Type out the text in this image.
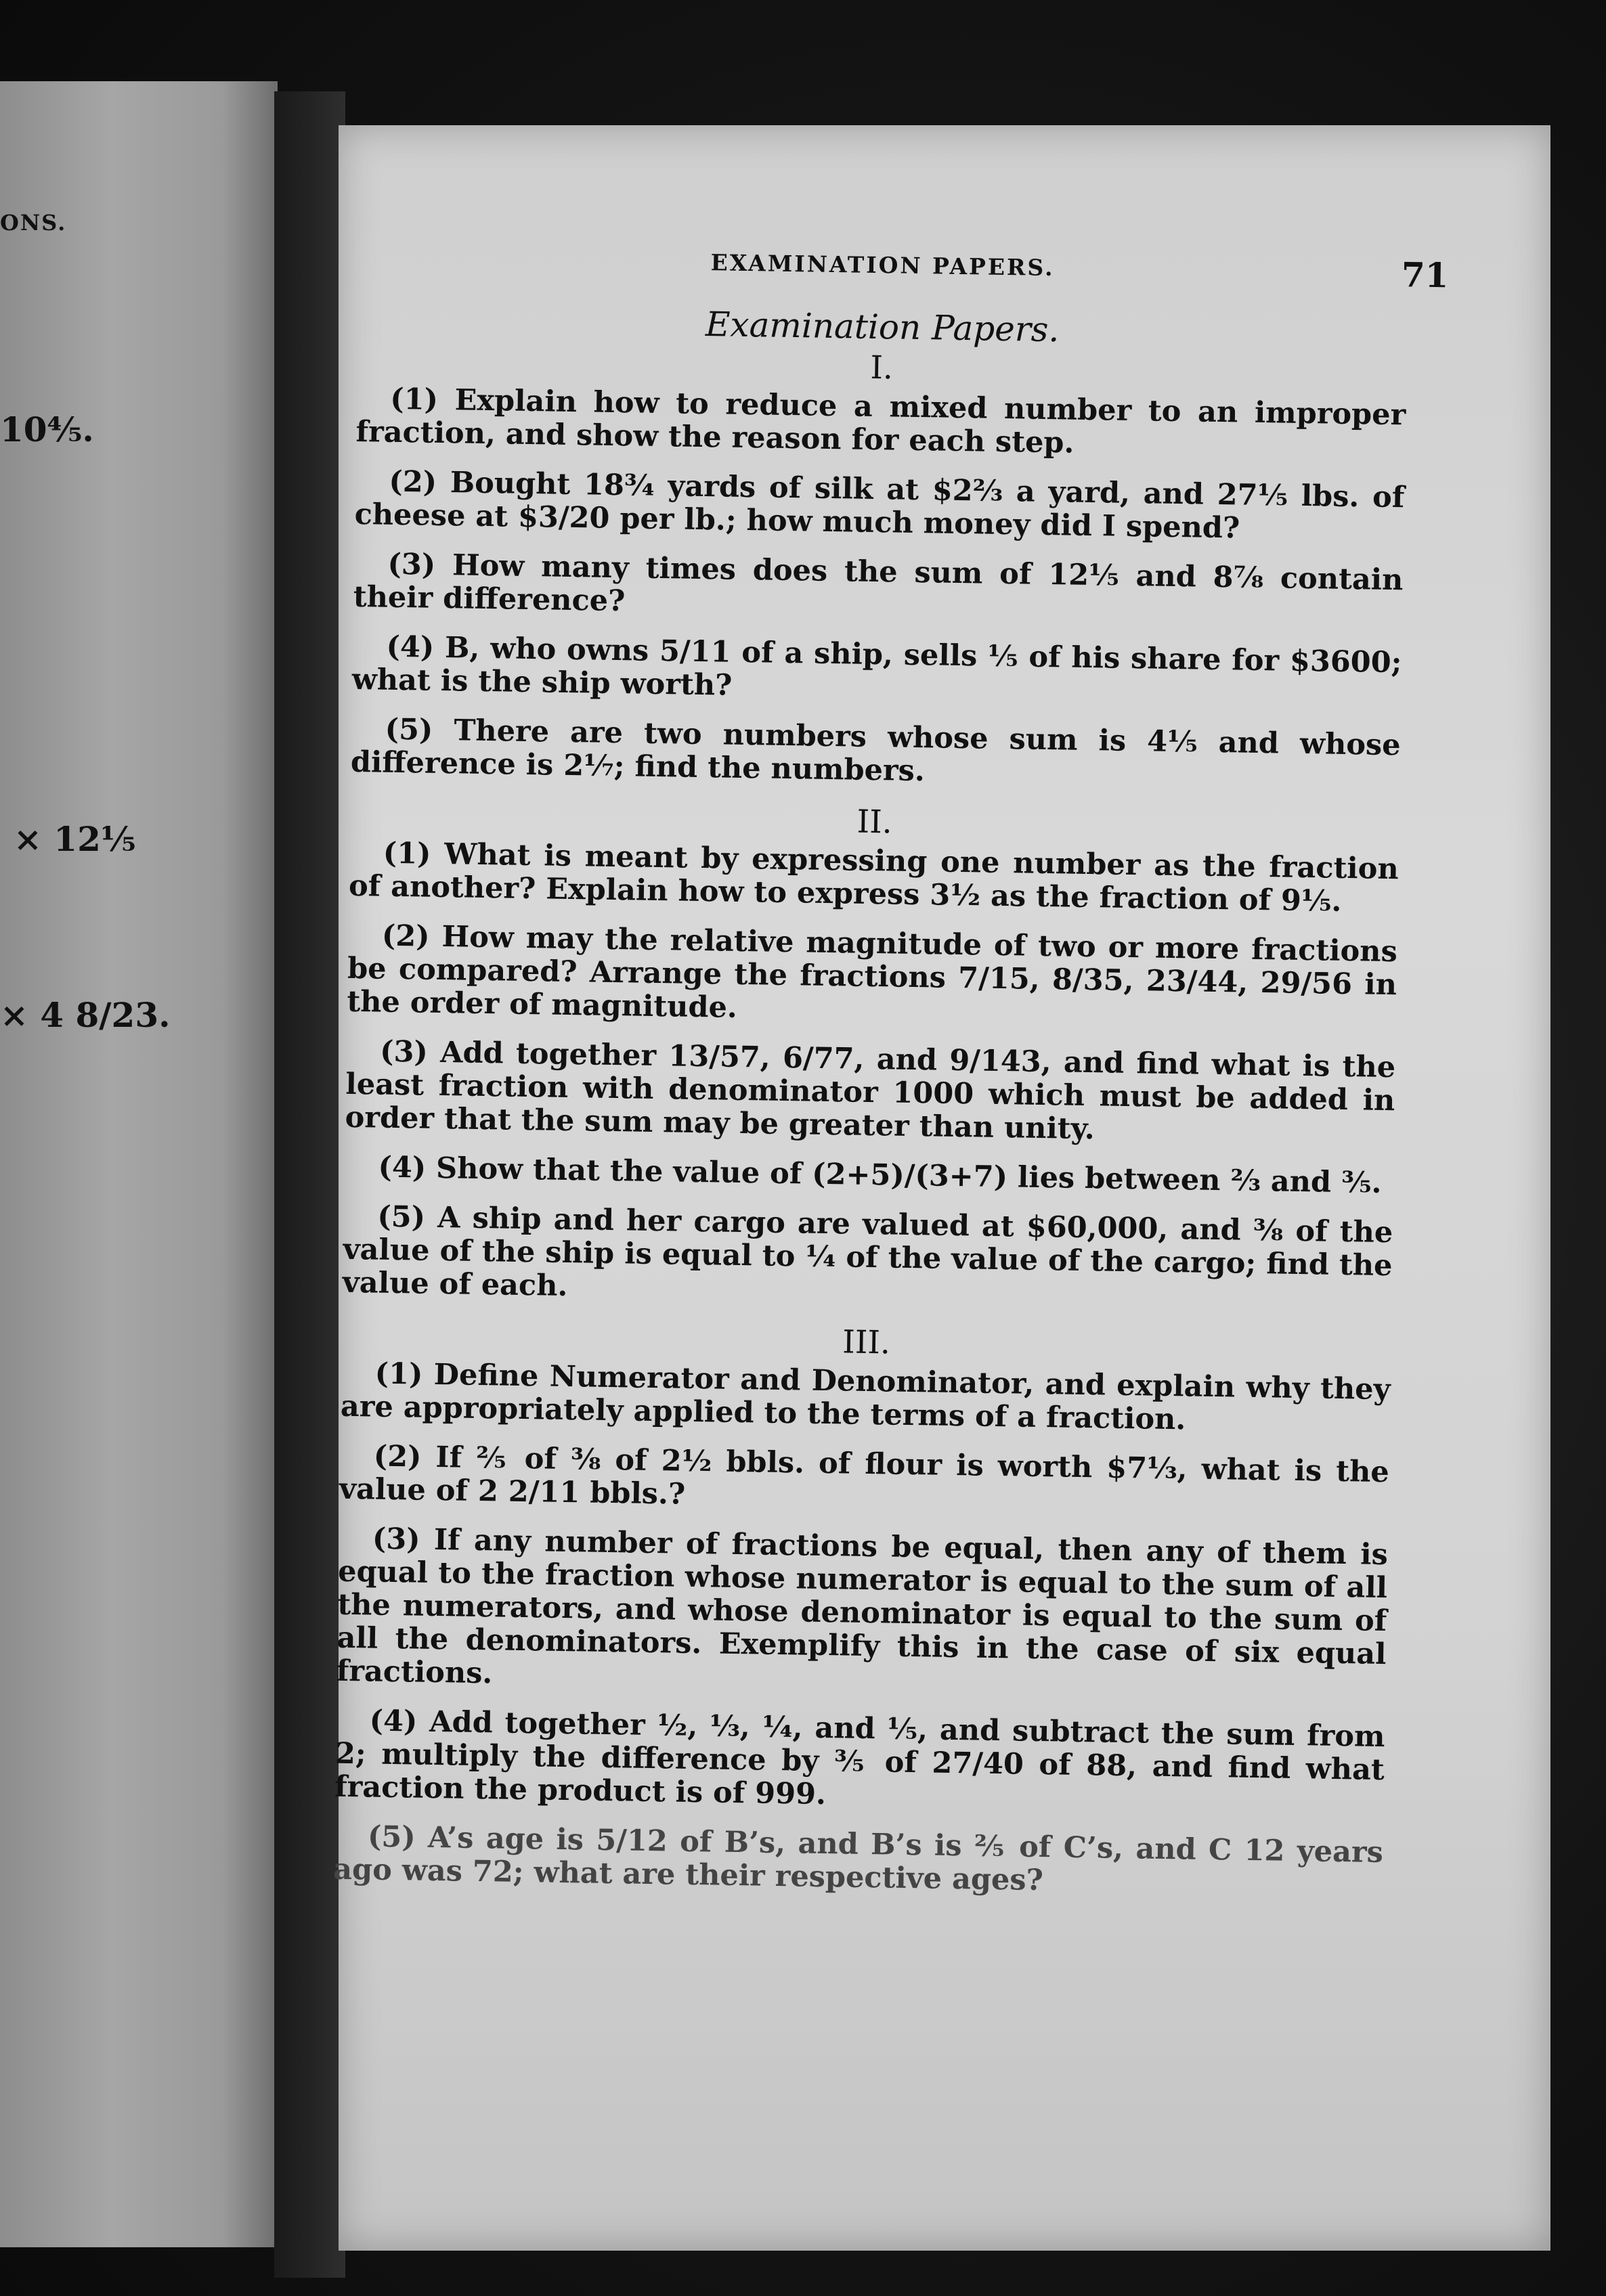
ONS.
10⅘.
× 12⅕
× 4 8/23.
EXAMINATION PAPERS.	71
Examination Papers.
I.

(1) Explain how to reduce a mixed number to an improper fraction, and show the reason for each step.

(2) Bought 18¾ yards of silk at $2⅔ a yard, and 27⅕ lbs. of cheese at $3/20 per lb.; how much money did I spend?

(3) How many times does the sum of 12⅕ and 8⅞ contain their difference?

(4) B, who owns 5/11 of a ship, sells ⅕ of his share for $3600; what is the ship worth?

(5) There are two numbers whose sum is 4⅕ and whose difference is 2⅐; find the numbers.

II.

(1) What is meant by expressing one number as the fraction of another? Explain how to express 3½ as the fraction of 9⅕.

(2) How may the relative magnitude of two or more fractions be compared? Arrange the fractions 7/15, 8/35, 23/44, 29/56 in the order of magnitude.

(3) Add together 13/57, 6/77, and 9/143, and find what is the least fraction with denominator 1000 which must be added in order that the sum may be greater than unity.

(4) Show that the value of (2+5)/(3+7) lies between ⅔ and ⅗.

(5) A ship and her cargo are valued at $60,000, and ⅜ of the value of the ship is equal to ¼ of the value of the cargo; find the value of each.

III.

(1) Define Numerator and Denominator, and explain why they are appropriately applied to the terms of a fraction.

(2) If ⅖ of ⅜ of 2½ bbls. of flour is worth $7⅓, what is the value of 2 2/11 bbls.?

(3) If any number of fractions be equal, then any of them is equal to the fraction whose numerator is equal to the sum of all the numerators, and whose denominator is equal to the sum of all the denominators. Exemplify this in the case of six equal fractions.

(4) Add together ½, ⅓, ¼, and ⅕, and subtract the sum from 2; multiply the difference by ⅗ of 27/40 of 88, and find what fraction the product is of 999.

(5) A’s age is 5/12 of B’s, and B’s is ⅖ of C’s, and C 12 years ago was 72; what are their respective ages?
